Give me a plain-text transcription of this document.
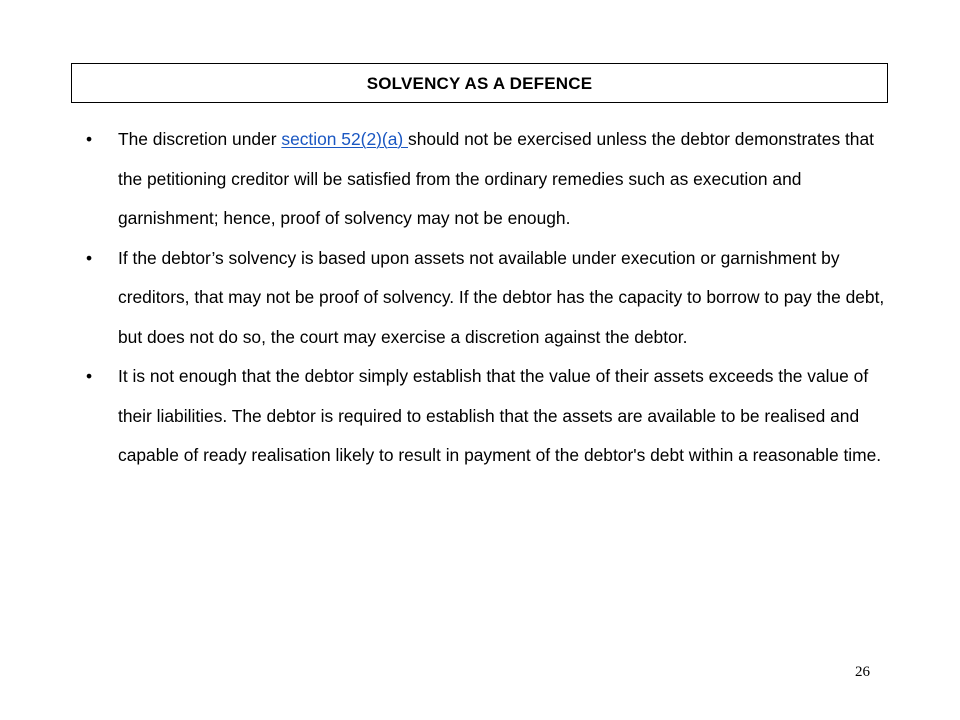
SOLVENCY AS A DEFENCE
•	The discretion under section 52(2)(a) should not be exercised unless the debtor demonstrates that the petitioning creditor will be satisfied from the ordinary remedies such as execution and garnishment; hence, proof of solvency may not be enough.
•	If the debtor’s solvency is based upon assets not available under execution or garnishment by creditors, that may not be proof of solvency. If the debtor has the capacity to borrow to pay the debt, but does not do so, the court may exercise a discretion against the debtor.
•	It is not enough that the debtor simply establish that the value of their assets exceeds the value of their liabilities. The debtor is required to establish that the assets are available to be realised and capable of ready realisation likely to result in payment of the debtor's debt within a reasonable time.
26
